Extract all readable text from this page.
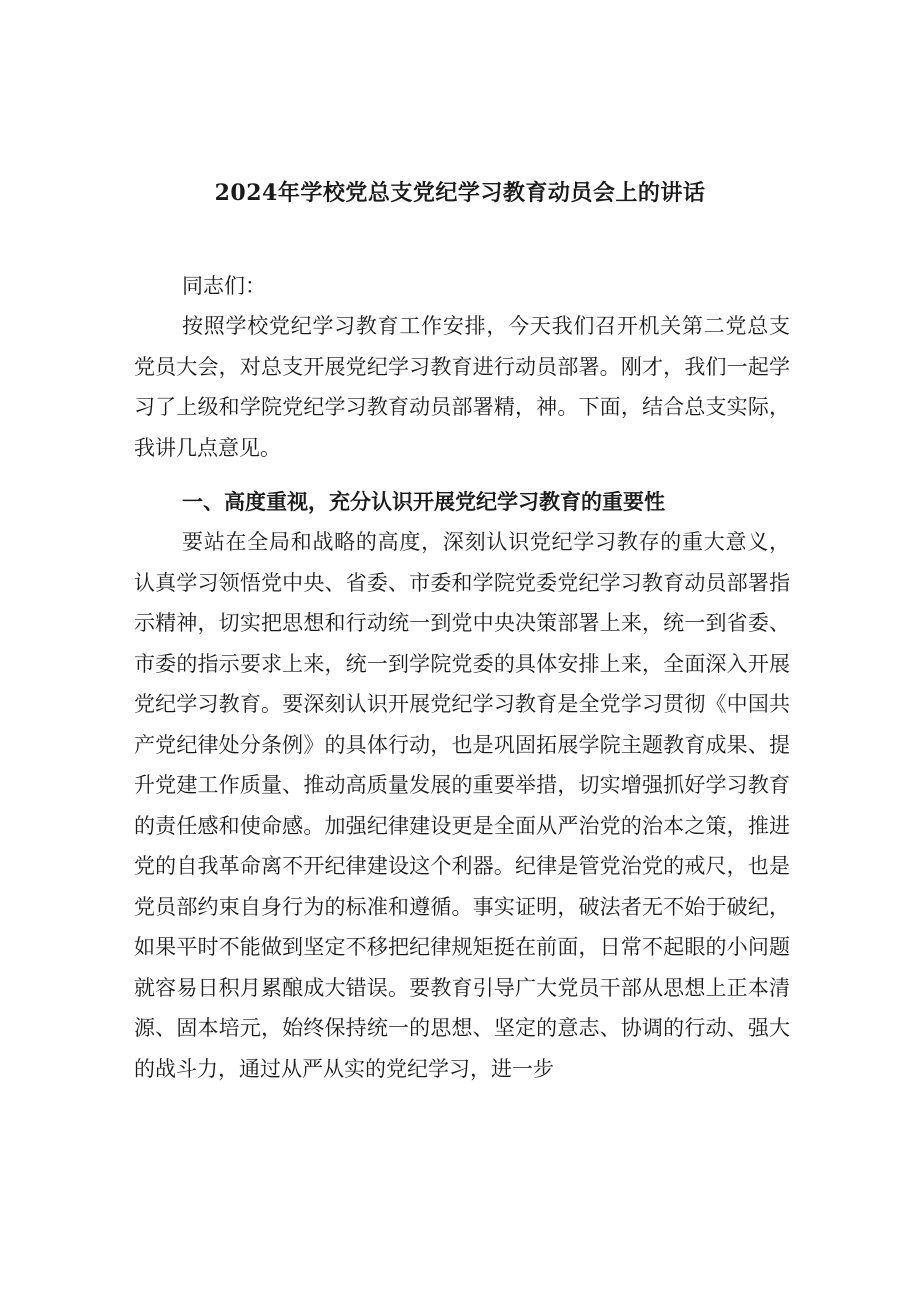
2024年学校党总支党纪学习教育动员会上的讲话

同志们：

按照学校党纪学习教育工作安排，今天我们召开机关第二党总支党员大会，对总支开展党纪学习教育进行动员部署。刚才，我们一起学习了上级和学院党纪学习教育动员部署精，神。下面，结合总支实际，我讲几点意见。

一、高度重视，充分认识开展党纪学习教育的重要性

要站在全局和战略的高度，深刻认识党纪学习教存的重大意义，认真学习领悟党中央、省委、市委和学院党委党纪学习教育动员部署指示精神，切实把思想和行动统一到党中央决策部署上来，统一到省委、市委的指示要求上来，统一到学院党委的具体安排上来，全面深入开展党纪学习教育。要深刻认识开展党纪学习教育是全党学习贯彻《中国共产党纪律处分条例》的具体行动，也是巩固拓展学院主题教育成果、提升党建工作质量、推动高质量发展的重要举措，切实增强抓好学习教育的责任感和使命感。加强纪律建设更是全面从严治党的治本之策，推进党的自我革命离不开纪律建设这个利器。纪律是管党治党的戒尺，也是党员部约束自身行为的标准和遵循。事实证明，破法者无不始于破纪，如果平时不能做到坚定不移把纪律规矩挺在前面，日常不起眼的小问题就容易日积月累酿成大错误。要教育引导广大党员干部从思想上正本清源、固本培元，始终保持统一的思想、坚定的意志、协调的行动、强大的战斗力，通过从严从实的党纪学习，进一步
